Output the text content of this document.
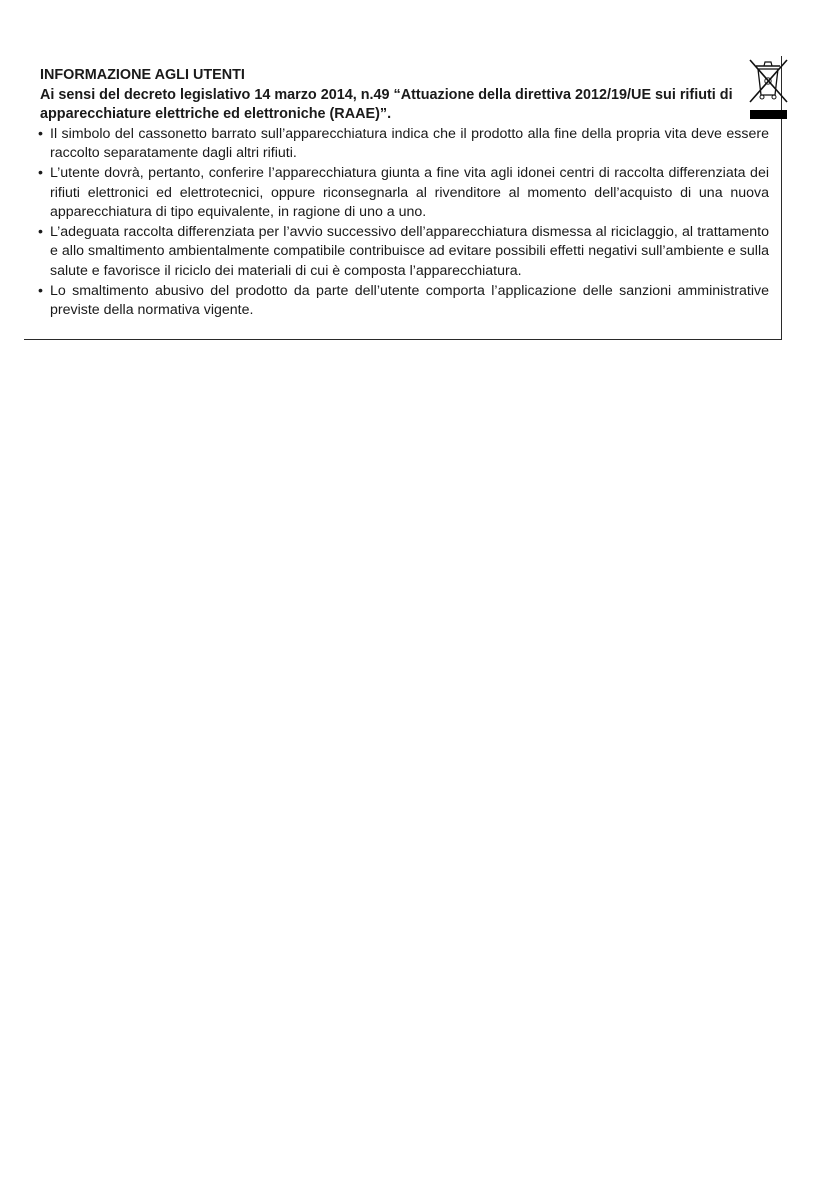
INFORMAZIONE AGLI UTENTI

Ai sensi del decreto legislativo 14 marzo 2014, n.49 “Attuazione della direttiva 2012/19/UE sui rifiuti di apparecchiature elettriche ed elettroniche (RAAE)”.

• Il simbolo del cassonetto barrato sull’apparecchiatura indica che il prodotto alla fine della propria vita deve essere raccolto separatamente dagli altri rifiuti.
• L’utente dovrà, pertanto, conferire l’apparecchiatura giunta a fine vita agli idonei centri di raccolta differenziata dei rifiuti elettronici ed elettrotecnici, oppure riconsegnarla al rivenditore al momento dell’acquisto di una nuova apparecchiatura di tipo equivalente, in ragione di uno a uno.
• L’adeguata raccolta differenziata per l’avvio successivo dell’apparecchiatura dismessa al riciclaggio, al trattamento e allo smaltimento ambientalmente compatibile contribuisce ad evitare possibili effetti negativi sull’ambiente e sulla salute e favorisce il riciclo dei materiali di cui è composta l’apparecchiatura.
• Lo smaltimento abusivo del prodotto da parte dell’utente comporta l’applicazione delle sanzioni amministrative previste della normativa vigente.
